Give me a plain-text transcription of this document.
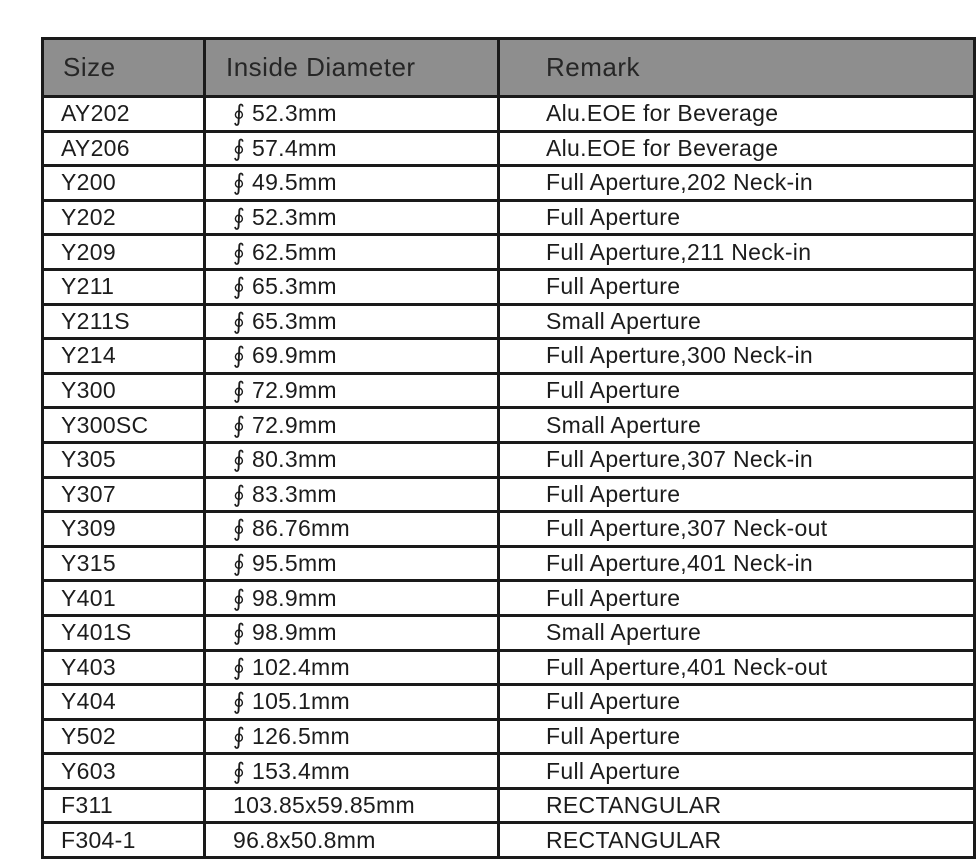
Size	Inside Diameter	Remark
AY202	∮ 52.3mm	Alu.EOE for Beverage
AY206	∮ 57.4mm	Alu.EOE for Beverage
Y200	∮ 49.5mm	Full Aperture,202 Neck-in
Y202	∮ 52.3mm	Full Aperture
Y209	∮ 62.5mm	Full Aperture,211 Neck-in
Y211	∮ 65.3mm	Full Aperture
Y211S	∮ 65.3mm	Small Aperture
Y214	∮ 69.9mm	Full Aperture,300 Neck-in
Y300	∮ 72.9mm	Full Aperture
Y300SC	∮ 72.9mm	Small Aperture
Y305	∮ 80.3mm	Full Aperture,307 Neck-in
Y307	∮ 83.3mm	Full Aperture
Y309	∮ 86.76mm	Full Aperture,307 Neck-out
Y315	∮ 95.5mm	Full Aperture,401 Neck-in
Y401	∮ 98.9mm	Full Aperture
Y401S	∮ 98.9mm	Small Aperture
Y403	∮ 102.4mm	Full Aperture,401 Neck-out
Y404	∮ 105.1mm	Full Aperture
Y502	∮ 126.5mm	Full Aperture
Y603	∮ 153.4mm	Full Aperture
F311	103.85x59.85mm	RECTANGULAR
F304-1	96.8x50.8mm	RECTANGULAR
